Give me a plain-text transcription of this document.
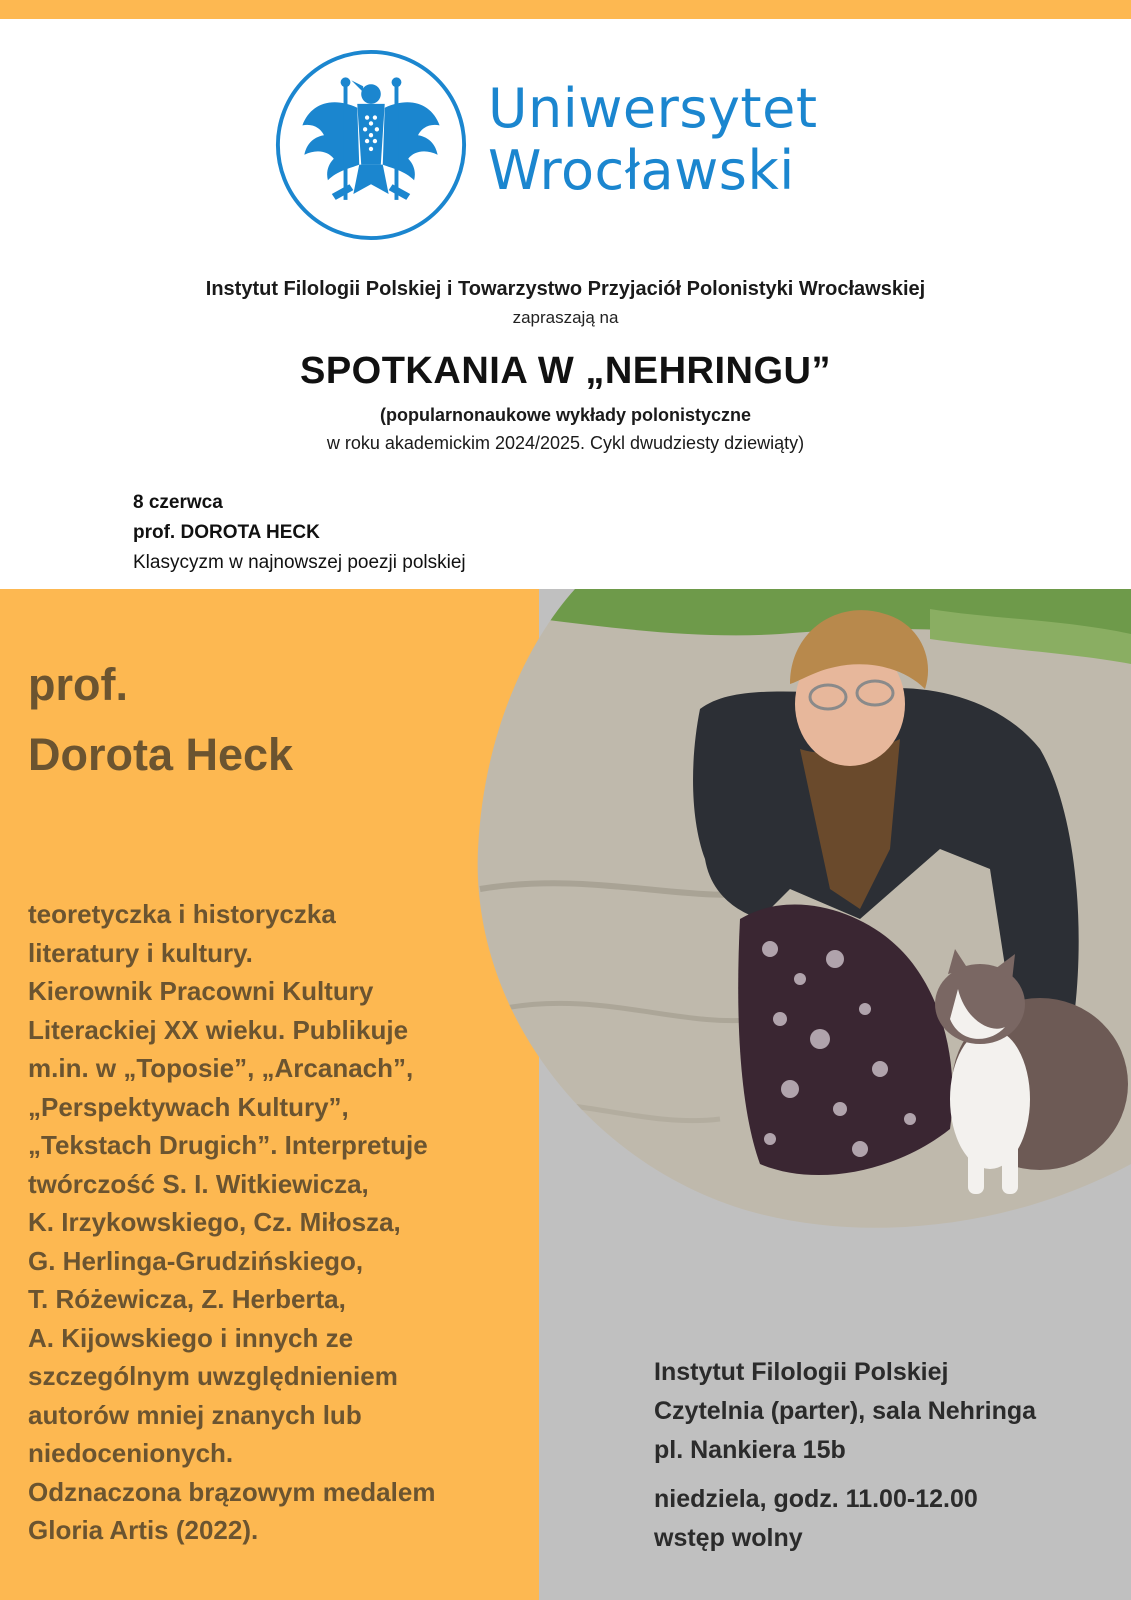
Uniwersytet
Wrocławski
Instytut Filologii Polskiej i Towarzystwo Przyjaciół Polonistyki Wrocławskiej
zapraszają na
SPOTKANIA W „NEHRINGU”
(popularnonaukowe wykłady polonistyczne
w roku akademickim 2024/2025. Cykl dwudziesty dziewiąty)
8 czerwca
prof. DOROTA HECK
Klasycyzm w najnowszej poezji polskiej
prof.
Dorota Heck
teoretyczka i historyczka
literatury i kultury.
Kierownik Pracowni Kultury
Literackiej XX wieku. Publikuje
m.in. w „Toposie”, „Arcanach”,
„Perspektywach Kultury”,
„Tekstach Drugich”. Interpretuje
twórczość S. I. Witkiewicza,
K. Irzykowskiego, Cz. Miłosza,
G. Herlinga-Grudzińskiego,
T. Różewicza, Z. Herberta,
A. Kijowskiego i innych ze
szczególnym uwzględnieniem
autorów mniej znanych lub
niedocenionych.
Odznaczona brązowym medalem
Gloria Artis (2022).
Instytut Filologii Polskiej
Czytelnia (parter), sala Nehringa
pl. Nankiera 15b
niedziela, godz. 11.00-12.00
wstęp wolny
